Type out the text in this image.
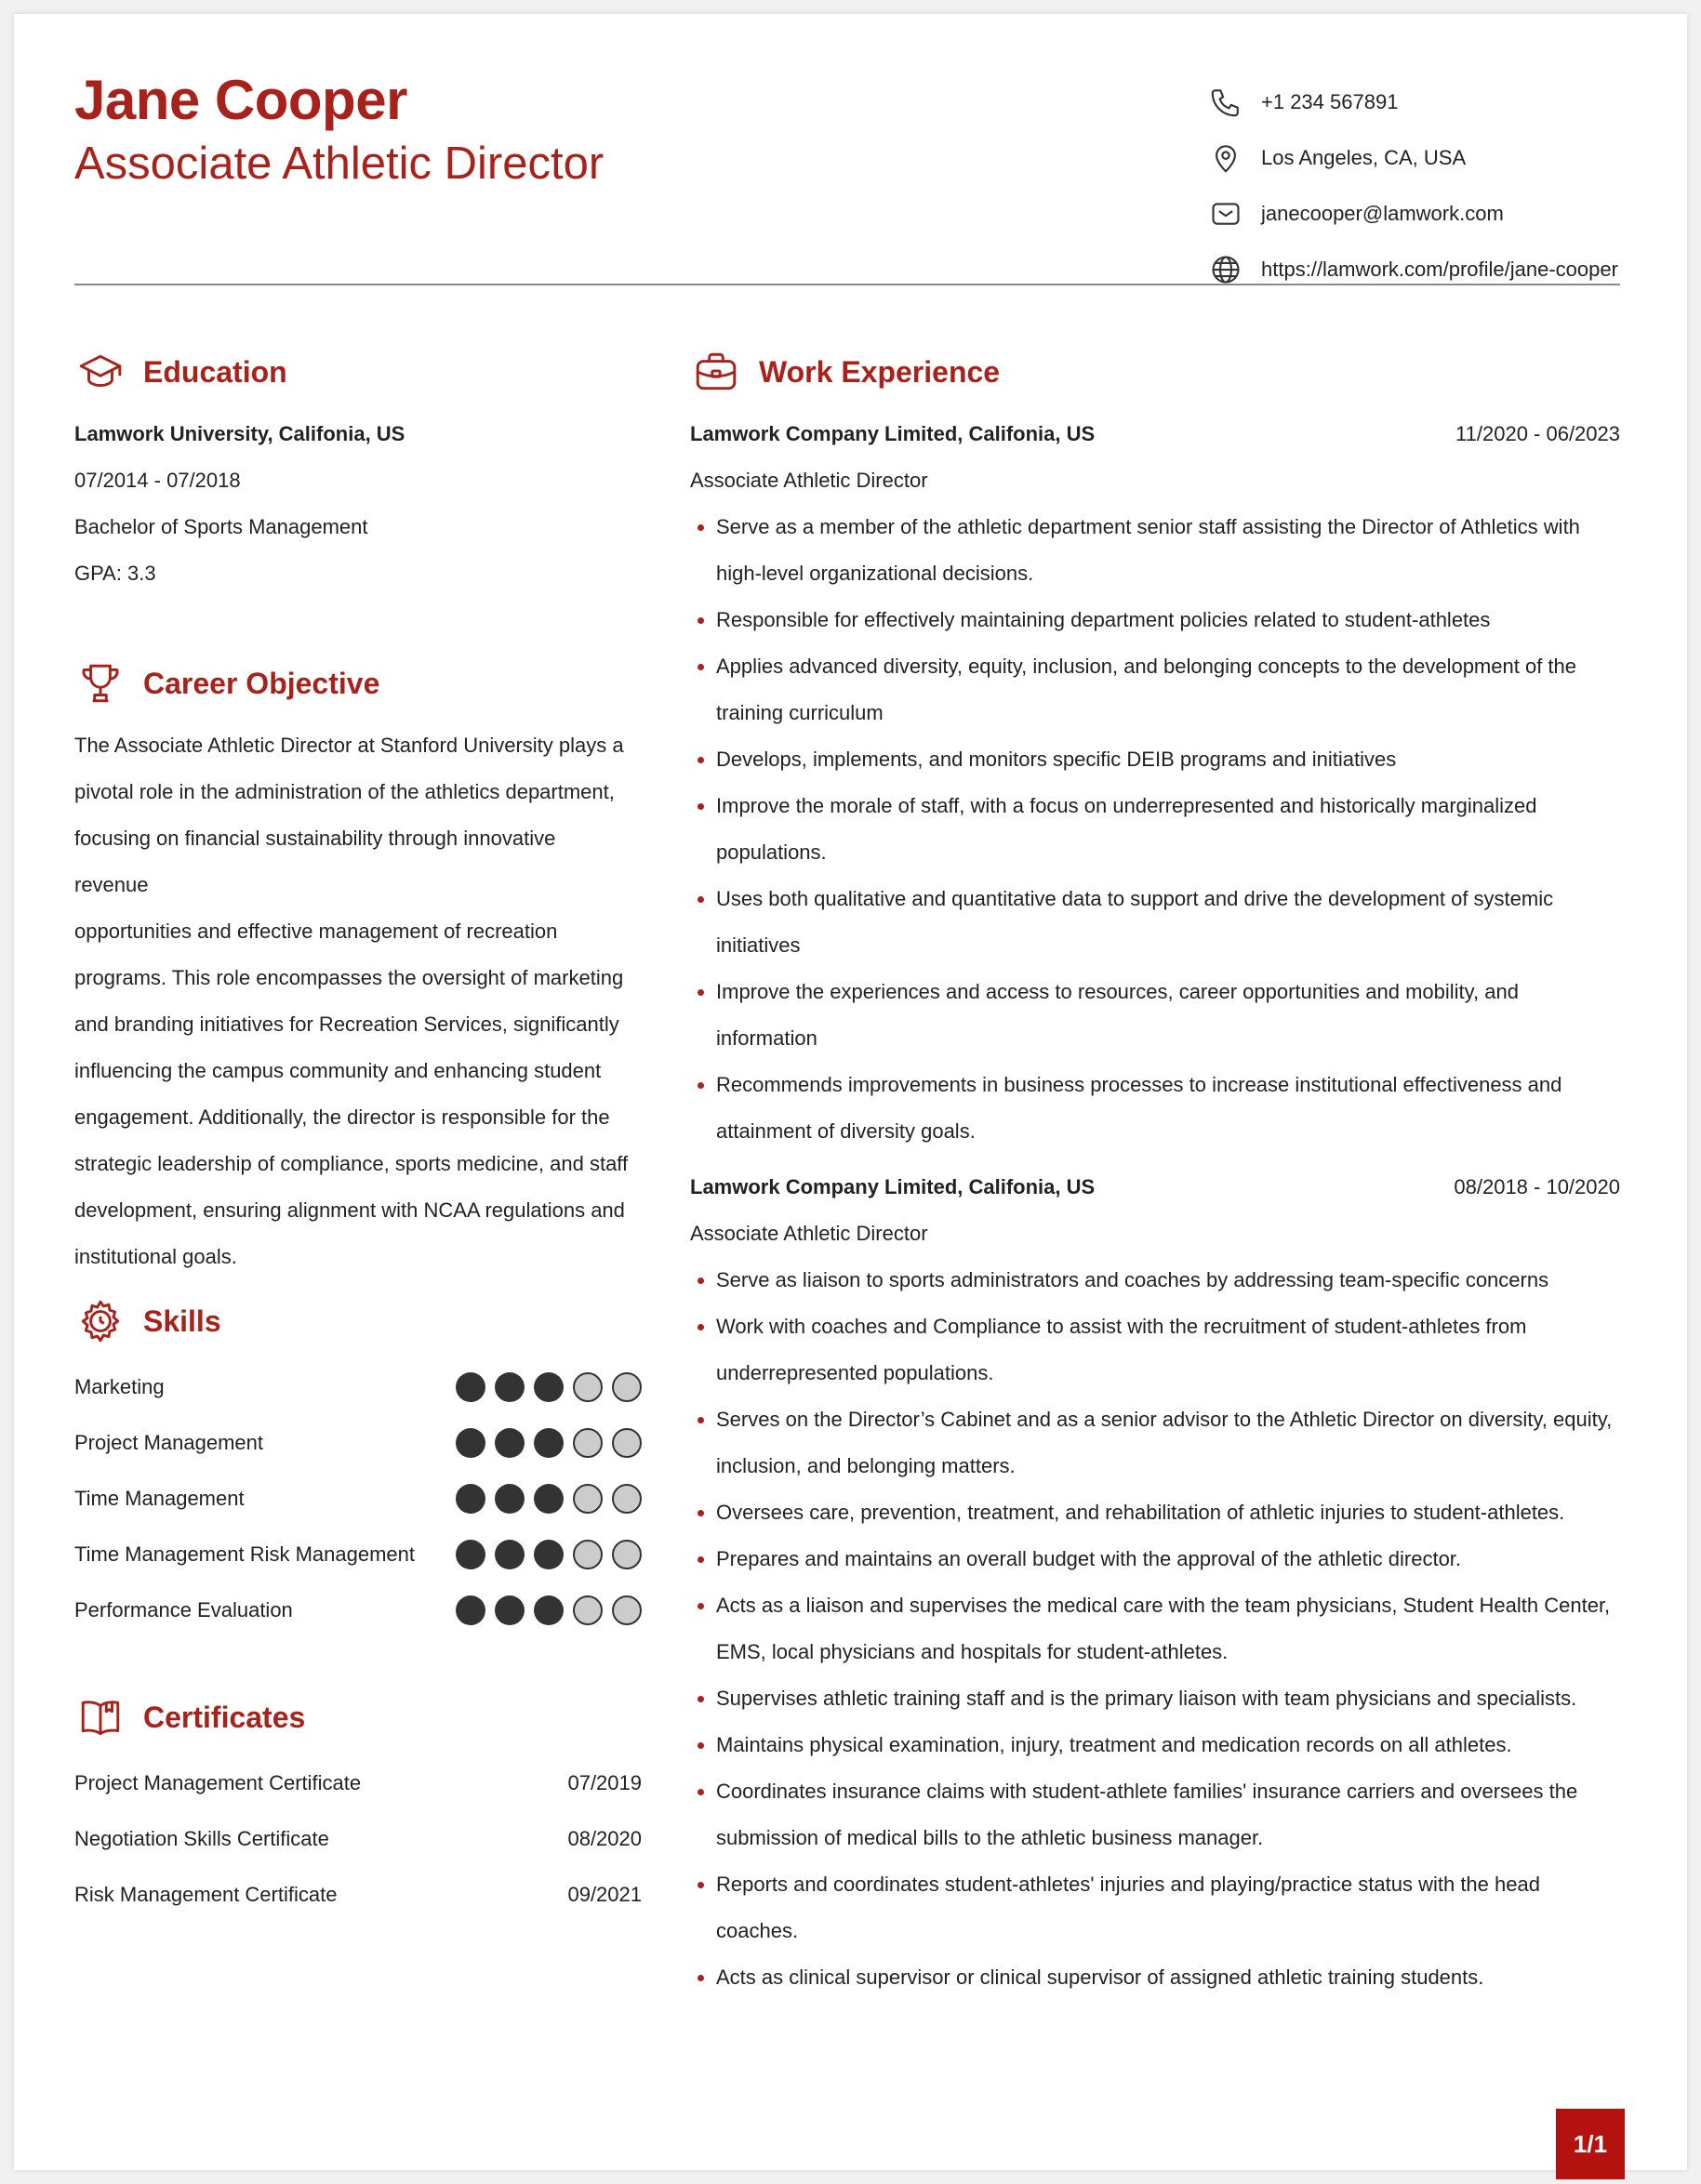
Jane Cooper
Associate Athletic Director
+1 234 567891
Los Angeles, CA, USA
janecooper@lamwork.com
https://lamwork.com/profile/jane-cooper
Education
Lamwork University, Califonia, US
07/2014 - 07/2018
Bachelor of Sports Management
GPA: 3.3
Career Objective
The Associate Athletic Director at Stanford University plays a
pivotal role in the administration of the athletics department,
focusing on financial sustainability through innovative revenue
opportunities and effective management of recreation
programs. This role encompasses the oversight of marketing
and branding initiatives for Recreation Services, significantly
influencing the campus community and enhancing student
engagement. Additionally, the director is responsible for the
strategic leadership of compliance, sports medicine, and staff
development, ensuring alignment with NCAA regulations and
institutional goals.
Skills
Marketing
Project Management
Time Management
Time Management Risk Management
Performance Evaluation
Certificates
Project Management Certificate	07/2019
Negotiation Skills Certificate	08/2020
Risk Management Certificate	09/2021
Work Experience
Lamwork Company Limited, Califonia, US	11/2020 - 06/2023
Associate Athletic Director
Serve as a member of the athletic department senior staff assisting the Director of Athletics with high-level organizational decisions.
Responsible for effectively maintaining department policies related to student-athletes
Applies advanced diversity, equity, inclusion, and belonging concepts to the development of the training curriculum
Develops, implements, and monitors specific DEIB programs and initiatives
Improve the morale of staff, with a focus on underrepresented and historically marginalized populations.
Uses both qualitative and quantitative data to support and drive the development of systemic initiatives
Improve the experiences and access to resources, career opportunities and mobility, and information
Recommends improvements in business processes to increase institutional effectiveness and attainment of diversity goals.
Lamwork Company Limited, Califonia, US	08/2018 - 10/2020
Associate Athletic Director
Serve as liaison to sports administrators and coaches by addressing team-specific concerns
Work with coaches and Compliance to assist with the recruitment of student-athletes from underrepresented populations.
Serves on the Director’s Cabinet and as a senior advisor to the Athletic Director on diversity, equity, inclusion, and belonging matters.
Oversees care, prevention, treatment, and rehabilitation of athletic injuries to student-athletes.
Prepares and maintains an overall budget with the approval of the athletic director.
Acts as a liaison and supervises the medical care with the team physicians, Student Health Center, EMS, local physicians and hospitals for student-athletes.
Supervises athletic training staff and is the primary liaison with team physicians and specialists.
Maintains physical examination, injury, treatment and medication records on all athletes.
Coordinates insurance claims with student-athlete families' insurance carriers and oversees the submission of medical bills to the athletic business manager.
Reports and coordinates student-athletes' injuries and playing/practice status with the head coaches.
Acts as clinical supervisor or clinical supervisor of assigned athletic training students.
1/1
